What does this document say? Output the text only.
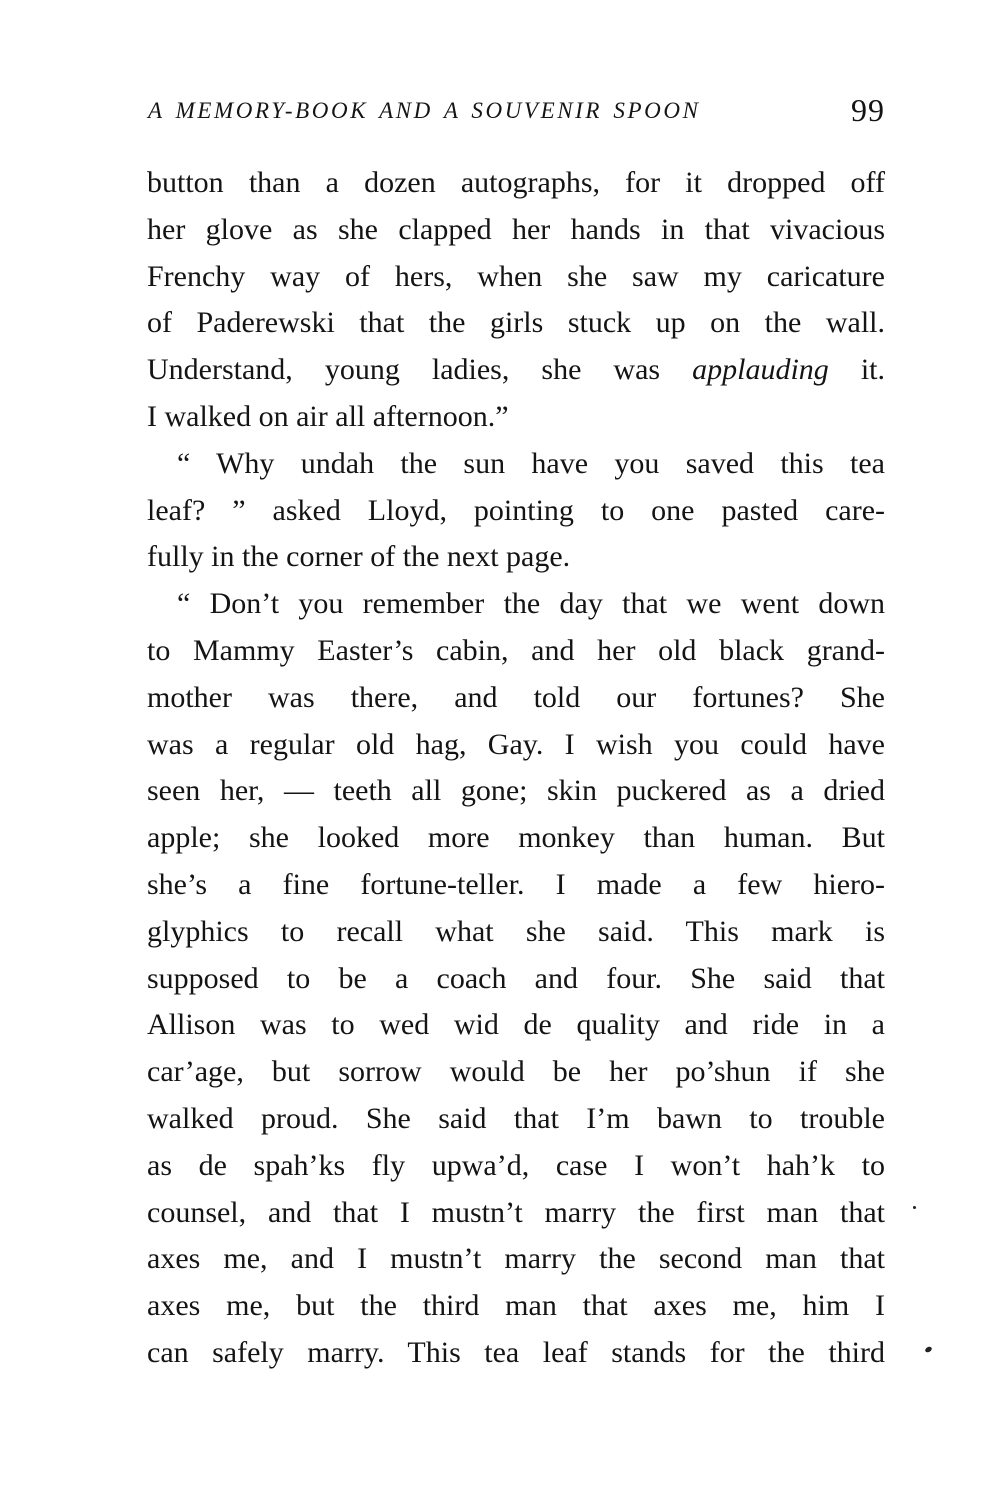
A MEMORY-BOOK AND A SOUVENIR SPOON	99
button than a dozen autographs, for it dropped off
her glove as she clapped her hands in that vivacious
Frenchy way of hers, when she saw my caricature
of Paderewski that the girls stuck up on the wall.
Understand, young ladies, she was applauding it.
I walked on air all afternoon.”
“ Why undah the sun have you saved this tea
leaf? ” asked Lloyd, pointing to one pasted care-
fully in the corner of the next page.
“ Don’t you remember the day that we went down
to Mammy Easter’s cabin, and her old black grand-
mother was there, and told our fortunes? She
was a regular old hag, Gay. I wish you could have
seen her, — teeth all gone; skin puckered as a dried
apple; she looked more monkey than human. But
she’s a fine fortune-teller. I made a few hiero-
glyphics to recall what she said. This mark is
supposed to be a coach and four. She said that
Allison was to wed wid de quality and ride in a
car’age, but sorrow would be her po’shun if she
walked proud. She said that I’m bawn to trouble
as de spah’ks fly upwa’d, case I won’t hah’k to
counsel, and that I mustn’t marry the first man that
axes me, and I mustn’t marry the second man that
axes me, but the third man that axes me, him I
can safely marry. This tea leaf stands for the third
